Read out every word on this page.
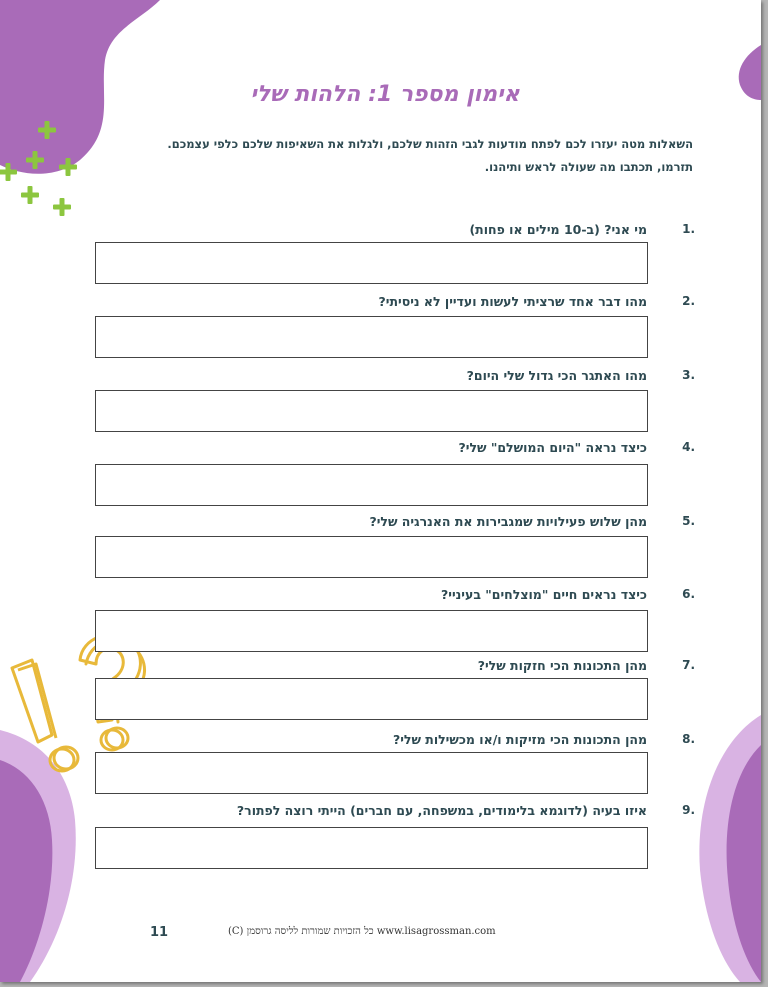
אימון מספר 1: הלהות שלי
השאלות מטה יעזרו לכם לפתח מודעות לגבי הזהות שלכם, ולגלות את השאיפות שלכם כלפי עצמכם.
תזרמו, תכתבו מה שעולה לראש ותיהנו.
.1
מי אני? (ב-10 מילים או פחות)
.2
מהו דבר אחד שרציתי לעשות ועדיין לא ניסיתי?
.3
מהו האתגר הכי גדול שלי היום?
.4
כיצד נראה "היום המושלם" שלי?
.5
מהן שלוש פעילויות שמגבירות את האנרגיה שלי?
.6
כיצד נראים חיים "מוצלחים" בעיניי?
.7
מהן התכונות הכי חזקות שלי?
.8
מהן התכונות הכי מזיקות ו/או מכשילות שלי?
.9
איזו בעיה (לדוגמא בלימודים, במשפחה, עם חברים) הייתי רוצה לפתור?
11	(C) כל הזכויות שמורות לליסה גרוסמן www.lisagrossman.com
